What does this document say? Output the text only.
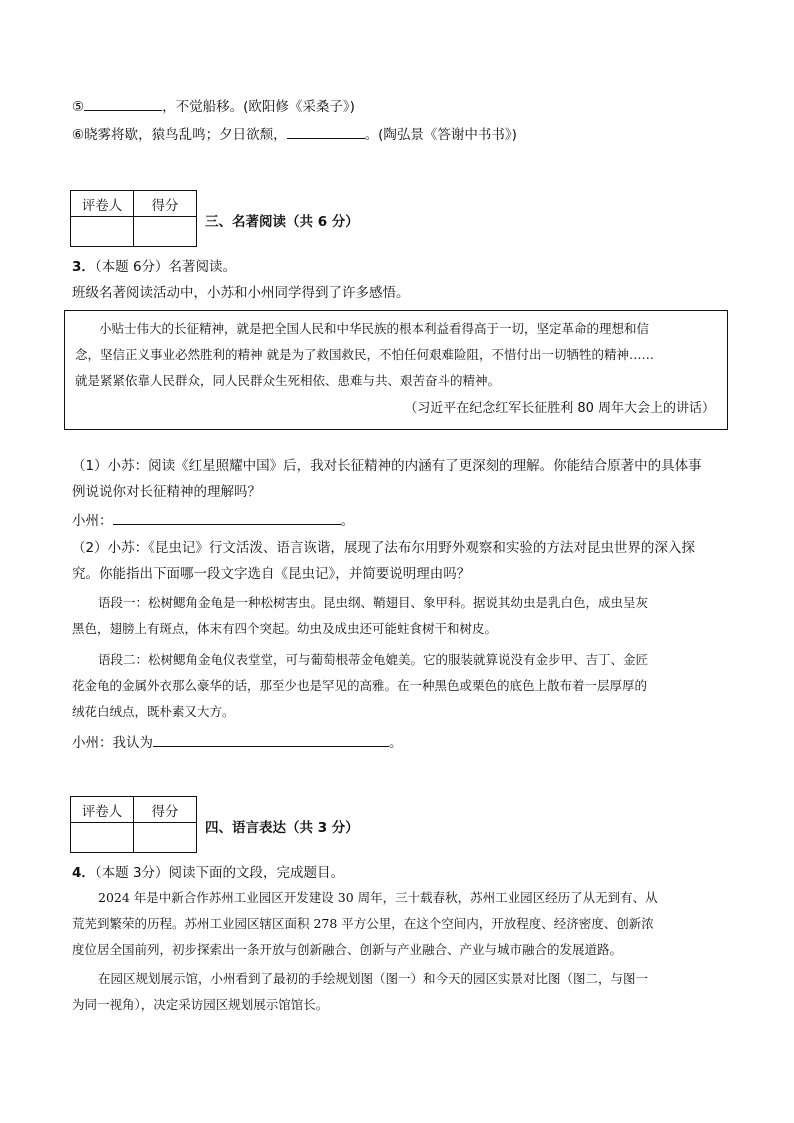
⑤	，不觉船移。(欧阳修《采桑子》)
⑥晓雾将歇，猿鸟乱鸣；夕日欲颓，	。(陶弘景《答谢中书书》)
评卷人	得分

三、名著阅读（共 6 分）
3．（本题 6分）名著阅读。
班级名著阅读活动中，小苏和小州同学得到了许多感悟。
小贴士伟大的长征精神，就是把全国人民和中华民族的根本利益看得高于一切，坚定革命的理想和信
念，坚信正义事业必然胜利的精神 就是为了救国救民，不怕任何艰难险阻，不惜付出一切牺牲的精神……
就是紧紧依靠人民群众，同人民群众生死相依、患难与共、艰苦奋斗的精神。
（习近平在纪念红军长征胜利 80 周年大会上的讲话）
（1）小苏：阅读《红星照耀中国》后，我对长征精神的内涵有了更深刻的理解。你能结合原著中的具体事
例说说你对长征精神的理解吗？
小州：	。
（2）小苏：《昆虫记》行文活泼、语言诙谐，展现了法布尔用野外观察和实验的方法对昆虫世界的深入探
究。你能指出下面哪一段文字选自《昆虫记》，并简要说明理由吗？
语段一：松树鳃角金龟是一种松树害虫。昆虫纲、鞘翅目、象甲科。据说其幼虫是乳白色，成虫呈灰
黑色，翅膀上有斑点，体末有四个突起。幼虫及成虫还可能蛀食树干和树皮。
语段二：松树鳃角金龟仪表堂堂，可与葡萄根蒂金龟媲美。它的服装就算说没有金步甲、吉丁、金匠
花金龟的金属外衣那么豪华的话，那至少也是罕见的高雅。在一种黑色或栗色的底色上散布着一层厚厚的
绒花白绒点，既朴素又大方。
小州：我认为	。
评卷人	得分

四、语言表达（共 3 分）
4．（本题 3分）阅读下面的文段，完成题目。
2024 年是中新合作苏州工业园区开发建设 30 周年，三十载春秋，苏州工业园区经历了从无到有、从
荒芜到繁荣的历程。苏州工业园区辖区面积 278 平方公里，在这个空间内，开放程度、经济密度、创新浓
度位居全国前列，初步探索出一条开放与创新融合、创新与产业融合、产业与城市融合的发展道路。
在园区规划展示馆，小州看到了最初的手绘规划图（图一）和今天的园区实景对比图（图二，与图一
为同一视角），决定采访园区规划展示馆馆长。
